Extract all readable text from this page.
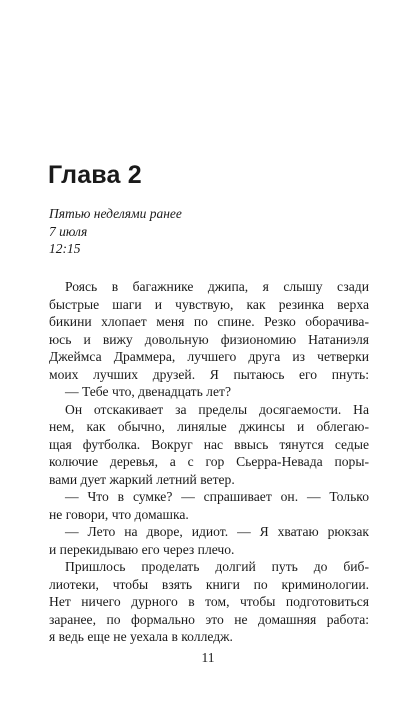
Глава 2
Пятью неделями ранее
7 июля
12:15
Роясь в багажнике джипа, я слышу сзади
быстрые шаги и чувствую, как резинка верха
бикини хлопает меня по спине. Резко оборачива-
юсь и вижу довольную физиономию Натаниэля
Джеймса Драммера, лучшего друга из четверки
моих лучших друзей. Я пытаюсь его пнуть:
— Тебе что, двенадцать лет?
Он отскакивает за пределы досягаемости. На
нем, как обычно, линялые джинсы и облегаю-
щая футболка. Вокруг нас ввысь тянутся седые
колючие деревья, а с гор Сьерра-Невада поры-
вами дует жаркий летний ветер.
— Что в сумке? — спрашивает он. — Только
не говори, что домашка.
— Лето на дворе, идиот. — Я хватаю рюкзак
и перекидываю его через плечо.
Пришлось проделать долгий путь до биб-
лиотеки, чтобы взять книги по криминологии.
Нет ничего дурного в том, чтобы подготовиться
заранее, по формально это не домашняя работа:
я ведь еще не уехала в колледж.
11
